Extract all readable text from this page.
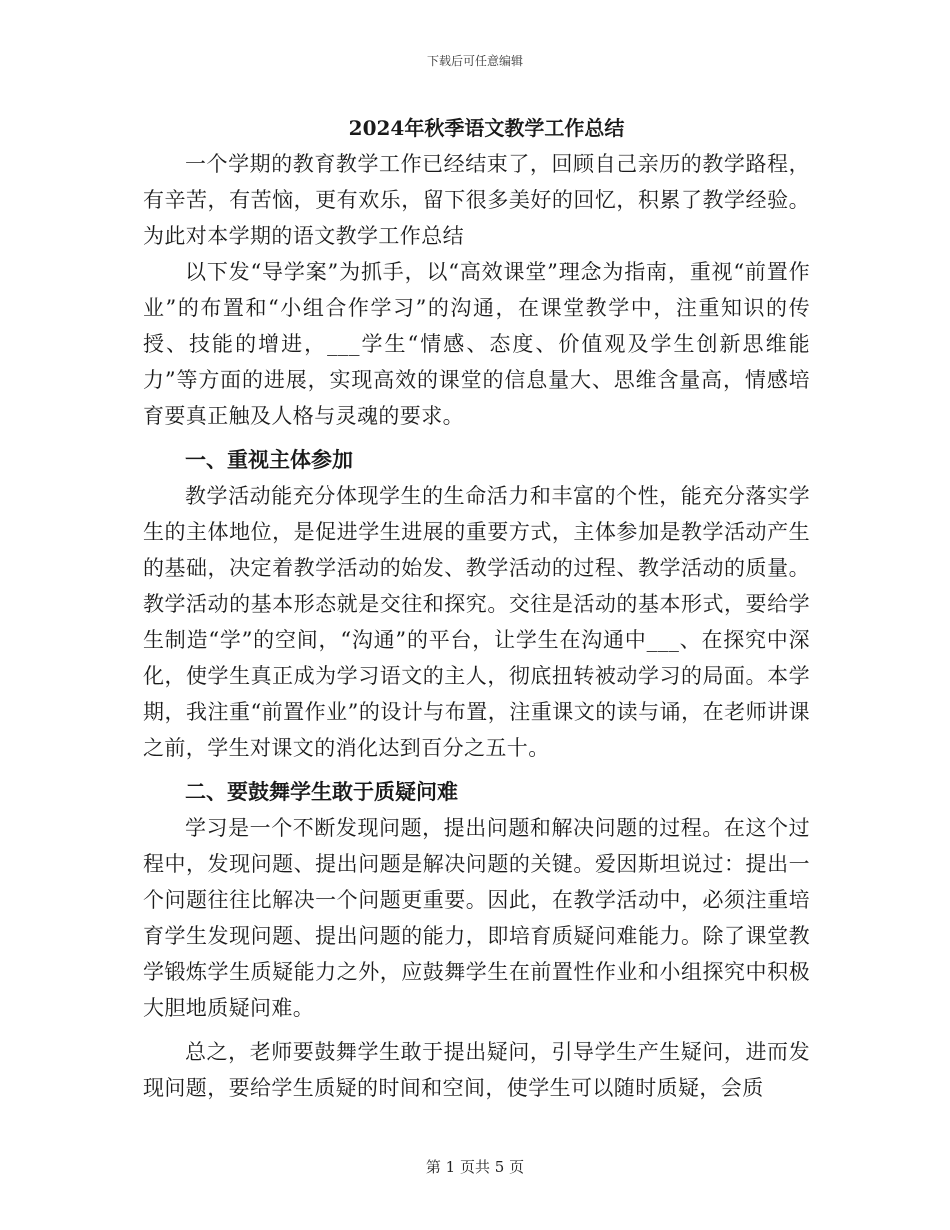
下载后可任意编辑
2024年秋季语文教学工作总结

一个学期的教育教学工作已经结束了，回顾自己亲历的教学路程，有辛苦，有苦恼，更有欢乐，留下很多美好的回忆，积累了教学经验。为此对本学期的语文教学工作总结

以下发“导学案”为抓手，以“高效课堂”理念为指南，重视“前置作业”的布置和“小组合作学习”的沟通，在课堂教学中，注重知识的传授、技能的增进，___学生“情感、态度、价值观及学生创新思维能力”等方面的进展，实现高效的课堂的信息量大、思维含量高，情感培育要真正触及人格与灵魂的要求。

一、重视主体参加

教学活动能充分体现学生的生命活力和丰富的个性，能充分落实学生的主体地位，是促进学生进展的重要方式，主体参加是教学活动产生的基础，决定着教学活动的始发、教学活动的过程、教学活动的质量。教学活动的基本形态就是交往和探究。交往是活动的基本形式，要给学生制造“学”的空间，“沟通”的平台，让学生在沟通中___、在探究中深化，使学生真正成为学习语文的主人，彻底扭转被动学习的局面。本学期，我注重“前置作业”的设计与布置，注重课文的读与诵，在老师讲课之前，学生对课文的消化达到百分之五十。

二、要鼓舞学生敢于质疑问难

学习是一个不断发现问题，提出问题和解决问题的过程。在这个过程中，发现问题、提出问题是解决问题的关键。爱因斯坦说过：提出一个问题往往比解决一个问题更重要。因此，在教学活动中，必须注重培育学生发现问题、提出问题的能力，即培育质疑问难能力。除了课堂教学锻炼学生质疑能力之外，应鼓舞学生在前置性作业和小组探究中积极大胆地质疑问难。

总之，老师要鼓舞学生敢于提出疑问，引导学生产生疑问，进而发现问题，要给学生质疑的时间和空间，使学生可以随时质疑，会质

第 1 页共 5 页
